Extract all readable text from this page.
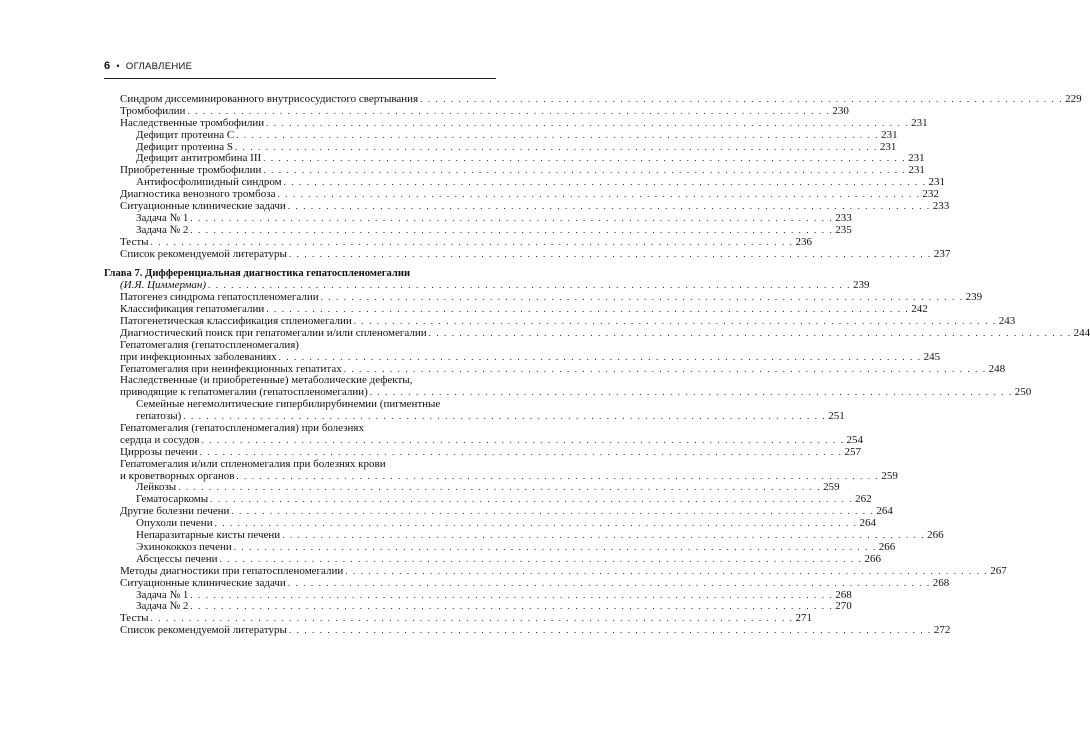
6 • ОГЛАВЛЕНИЕ
Синдром диссеминированного внутрисосудистого свертывания . . . . . . . . . . . . . . . . . . . . . . . . . . . . . . . . . . . . . . . . . . . . . . . . . . . . . . . . . . . . . . . . . . . . . . . . . . . . . . . . . . . . 229
Тромбофилии . . . . . . . . . . . . . . . . . . . . . . . . . . . . . . . . . . . . . . . . . . . . . . . . . . . . . . . . . . . . . . . . . . . . . . . . . . . . . . . . . . . . 230
Наследственные тромбофилии . . . . . . . . . . . . . . . . . . . . . . . . . . . . . . . . . . . . . . . . . . . . . . . . . . . . . . . . . . . . . . . . . . . . . . . . . . . . . . . . . . . . 231
Дефицит протеина С . . . . . . . . . . . . . . . . . . . . . . . . . . . . . . . . . . . . . . . . . . . . . . . . . . . . . . . . . . . . . . . . . . . . . . . . . . . . . . . . . . . . 231
Дефицит протеина S . . . . . . . . . . . . . . . . . . . . . . . . . . . . . . . . . . . . . . . . . . . . . . . . . . . . . . . . . . . . . . . . . . . . . . . . . . . . . . . . . . . . 231
Дефицит антитромбина III . . . . . . . . . . . . . . . . . . . . . . . . . . . . . . . . . . . . . . . . . . . . . . . . . . . . . . . . . . . . . . . . . . . . . . . . . . . . . . . . . . . . 231
Приобретенные тромбофилии . . . . . . . . . . . . . . . . . . . . . . . . . . . . . . . . . . . . . . . . . . . . . . . . . . . . . . . . . . . . . . . . . . . . . . . . . . . . . . . . . . . . 231
Антифосфолипидный синдром . . . . . . . . . . . . . . . . . . . . . . . . . . . . . . . . . . . . . . . . . . . . . . . . . . . . . . . . . . . . . . . . . . . . . . . . . . . . . . . . . . . . 231
Диагностика венозного тромбоза . . . . . . . . . . . . . . . . . . . . . . . . . . . . . . . . . . . . . . . . . . . . . . . . . . . . . . . . . . . . . . . . . . . . . . . . . . . . . . . . . . . . 232
Ситуационные клинические задачи . . . . . . . . . . . . . . . . . . . . . . . . . . . . . . . . . . . . . . . . . . . . . . . . . . . . . . . . . . . . . . . . . . . . . . . . . . . . . . . . . . . . 233
Задача № 1 . . . . . . . . . . . . . . . . . . . . . . . . . . . . . . . . . . . . . . . . . . . . . . . . . . . . . . . . . . . . . . . . . . . . . . . . . . . . . . . . . . . . 233
Задача № 2 . . . . . . . . . . . . . . . . . . . . . . . . . . . . . . . . . . . . . . . . . . . . . . . . . . . . . . . . . . . . . . . . . . . . . . . . . . . . . . . . . . . . 235
Тесты . . . . . . . . . . . . . . . . . . . . . . . . . . . . . . . . . . . . . . . . . . . . . . . . . . . . . . . . . . . . . . . . . . . . . . . . . . . . . . . . . . . . 236
Список рекомендуемой литературы . . . . . . . . . . . . . . . . . . . . . . . . . . . . . . . . . . . . . . . . . . . . . . . . . . . . . . . . . . . . . . . . . . . . . . . . . . . . . . . . . . . . 237
Глава 7. Дифференциальная диагностика гепатоспленомегалии
(И.Я. Циммерман) . . . . . . . . . . . . . . . . . . . . . . . . . . . . . . . . . . . . . . . . . . . . . . . . . . . . . . . . . . . . . . . . . . . . . . . . . . . . . . . . . . . . 239
Патогенез синдрома гепатоспленомегалии . . . . . . . . . . . . . . . . . . . . . . . . . . . . . . . . . . . . . . . . . . . . . . . . . . . . . . . . . . . . . . . . . . . . . . . . . . . . . . . . . . . . 239
Классификация гепатомегалии . . . . . . . . . . . . . . . . . . . . . . . . . . . . . . . . . . . . . . . . . . . . . . . . . . . . . . . . . . . . . . . . . . . . . . . . . . . . . . . . . . . . 242
Патогенетическая классификация спленомегалии . . . . . . . . . . . . . . . . . . . . . . . . . . . . . . . . . . . . . . . . . . . . . . . . . . . . . . . . . . . . . . . . . . . . . . . . . . . . . . . . . . . . 243
Диагностический поиск при гепатомегалии и/или спленомегалии . . . . . . . . . . . . . . . . . . . . . . . . . . . . . . . . . . . . . . . . . . . . . . . . . . . . . . . . . . . . . . . . . . . . . . . . . . . . . . . . . . . . 244
Гепатомегалия (гепатоспленомегалия)
при инфекционных заболеваниях . . . . . . . . . . . . . . . . . . . . . . . . . . . . . . . . . . . . . . . . . . . . . . . . . . . . . . . . . . . . . . . . . . . . . . . . . . . . . . . . . . . . 245
Гепатомегалия при неинфекционных гепатитах . . . . . . . . . . . . . . . . . . . . . . . . . . . . . . . . . . . . . . . . . . . . . . . . . . . . . . . . . . . . . . . . . . . . . . . . . . . . . . . . . . . . 248
Наследственные (и приобретенные) метаболические дефекты,
приводящие к гепатомегалии (гепатоспленомегалии) . . . . . . . . . . . . . . . . . . . . . . . . . . . . . . . . . . . . . . . . . . . . . . . . . . . . . . . . . . . . . . . . . . . . . . . . . . . . . . . . . . . . 250
Семейные негемолитические гипербилирубинемии (пигментные
гепатозы) . . . . . . . . . . . . . . . . . . . . . . . . . . . . . . . . . . . . . . . . . . . . . . . . . . . . . . . . . . . . . . . . . . . . . . . . . . . . . . . . . . . . 251
Гепатомегалия (гепатоспленомегалия) при болезнях
сердца и сосудов . . . . . . . . . . . . . . . . . . . . . . . . . . . . . . . . . . . . . . . . . . . . . . . . . . . . . . . . . . . . . . . . . . . . . . . . . . . . . . . . . . . . 254
Циррозы печени . . . . . . . . . . . . . . . . . . . . . . . . . . . . . . . . . . . . . . . . . . . . . . . . . . . . . . . . . . . . . . . . . . . . . . . . . . . . . . . . . . . . 257
Гепатомегалия и/или спленомегалия при болезнях крови
и кроветворных органов . . . . . . . . . . . . . . . . . . . . . . . . . . . . . . . . . . . . . . . . . . . . . . . . . . . . . . . . . . . . . . . . . . . . . . . . . . . . . . . . . . . . 259
Лейкозы . . . . . . . . . . . . . . . . . . . . . . . . . . . . . . . . . . . . . . . . . . . . . . . . . . . . . . . . . . . . . . . . . . . . . . . . . . . . . . . . . . . . 259
Гематосаркомы . . . . . . . . . . . . . . . . . . . . . . . . . . . . . . . . . . . . . . . . . . . . . . . . . . . . . . . . . . . . . . . . . . . . . . . . . . . . . . . . . . . . 262
Другие болезни печени . . . . . . . . . . . . . . . . . . . . . . . . . . . . . . . . . . . . . . . . . . . . . . . . . . . . . . . . . . . . . . . . . . . . . . . . . . . . . . . . . . . . 264
Опухоли печени . . . . . . . . . . . . . . . . . . . . . . . . . . . . . . . . . . . . . . . . . . . . . . . . . . . . . . . . . . . . . . . . . . . . . . . . . . . . . . . . . . . . 264
Непаразитарные кисты печени . . . . . . . . . . . . . . . . . . . . . . . . . . . . . . . . . . . . . . . . . . . . . . . . . . . . . . . . . . . . . . . . . . . . . . . . . . . . . . . . . . . . 266
Эхинококкоз печени . . . . . . . . . . . . . . . . . . . . . . . . . . . . . . . . . . . . . . . . . . . . . . . . . . . . . . . . . . . . . . . . . . . . . . . . . . . . . . . . . . . . 266
Абсцессы печени . . . . . . . . . . . . . . . . . . . . . . . . . . . . . . . . . . . . . . . . . . . . . . . . . . . . . . . . . . . . . . . . . . . . . . . . . . . . . . . . . . . . 266
Методы диагностики при гепатоспленомегалии . . . . . . . . . . . . . . . . . . . . . . . . . . . . . . . . . . . . . . . . . . . . . . . . . . . . . . . . . . . . . . . . . . . . . . . . . . . . . . . . . . . . 267
Ситуационные клинические задачи . . . . . . . . . . . . . . . . . . . . . . . . . . . . . . . . . . . . . . . . . . . . . . . . . . . . . . . . . . . . . . . . . . . . . . . . . . . . . . . . . . . . 268
Задача № 1 . . . . . . . . . . . . . . . . . . . . . . . . . . . . . . . . . . . . . . . . . . . . . . . . . . . . . . . . . . . . . . . . . . . . . . . . . . . . . . . . . . . . 268
Задача № 2 . . . . . . . . . . . . . . . . . . . . . . . . . . . . . . . . . . . . . . . . . . . . . . . . . . . . . . . . . . . . . . . . . . . . . . . . . . . . . . . . . . . . 270
Тесты . . . . . . . . . . . . . . . . . . . . . . . . . . . . . . . . . . . . . . . . . . . . . . . . . . . . . . . . . . . . . . . . . . . . . . . . . . . . . . . . . . . . 271
Список рекомендуемой литературы . . . . . . . . . . . . . . . . . . . . . . . . . . . . . . . . . . . . . . . . . . . . . . . . . . . . . . . . . . . . . . . . . . . . . . . . . . . . . . . . . . . . 272
